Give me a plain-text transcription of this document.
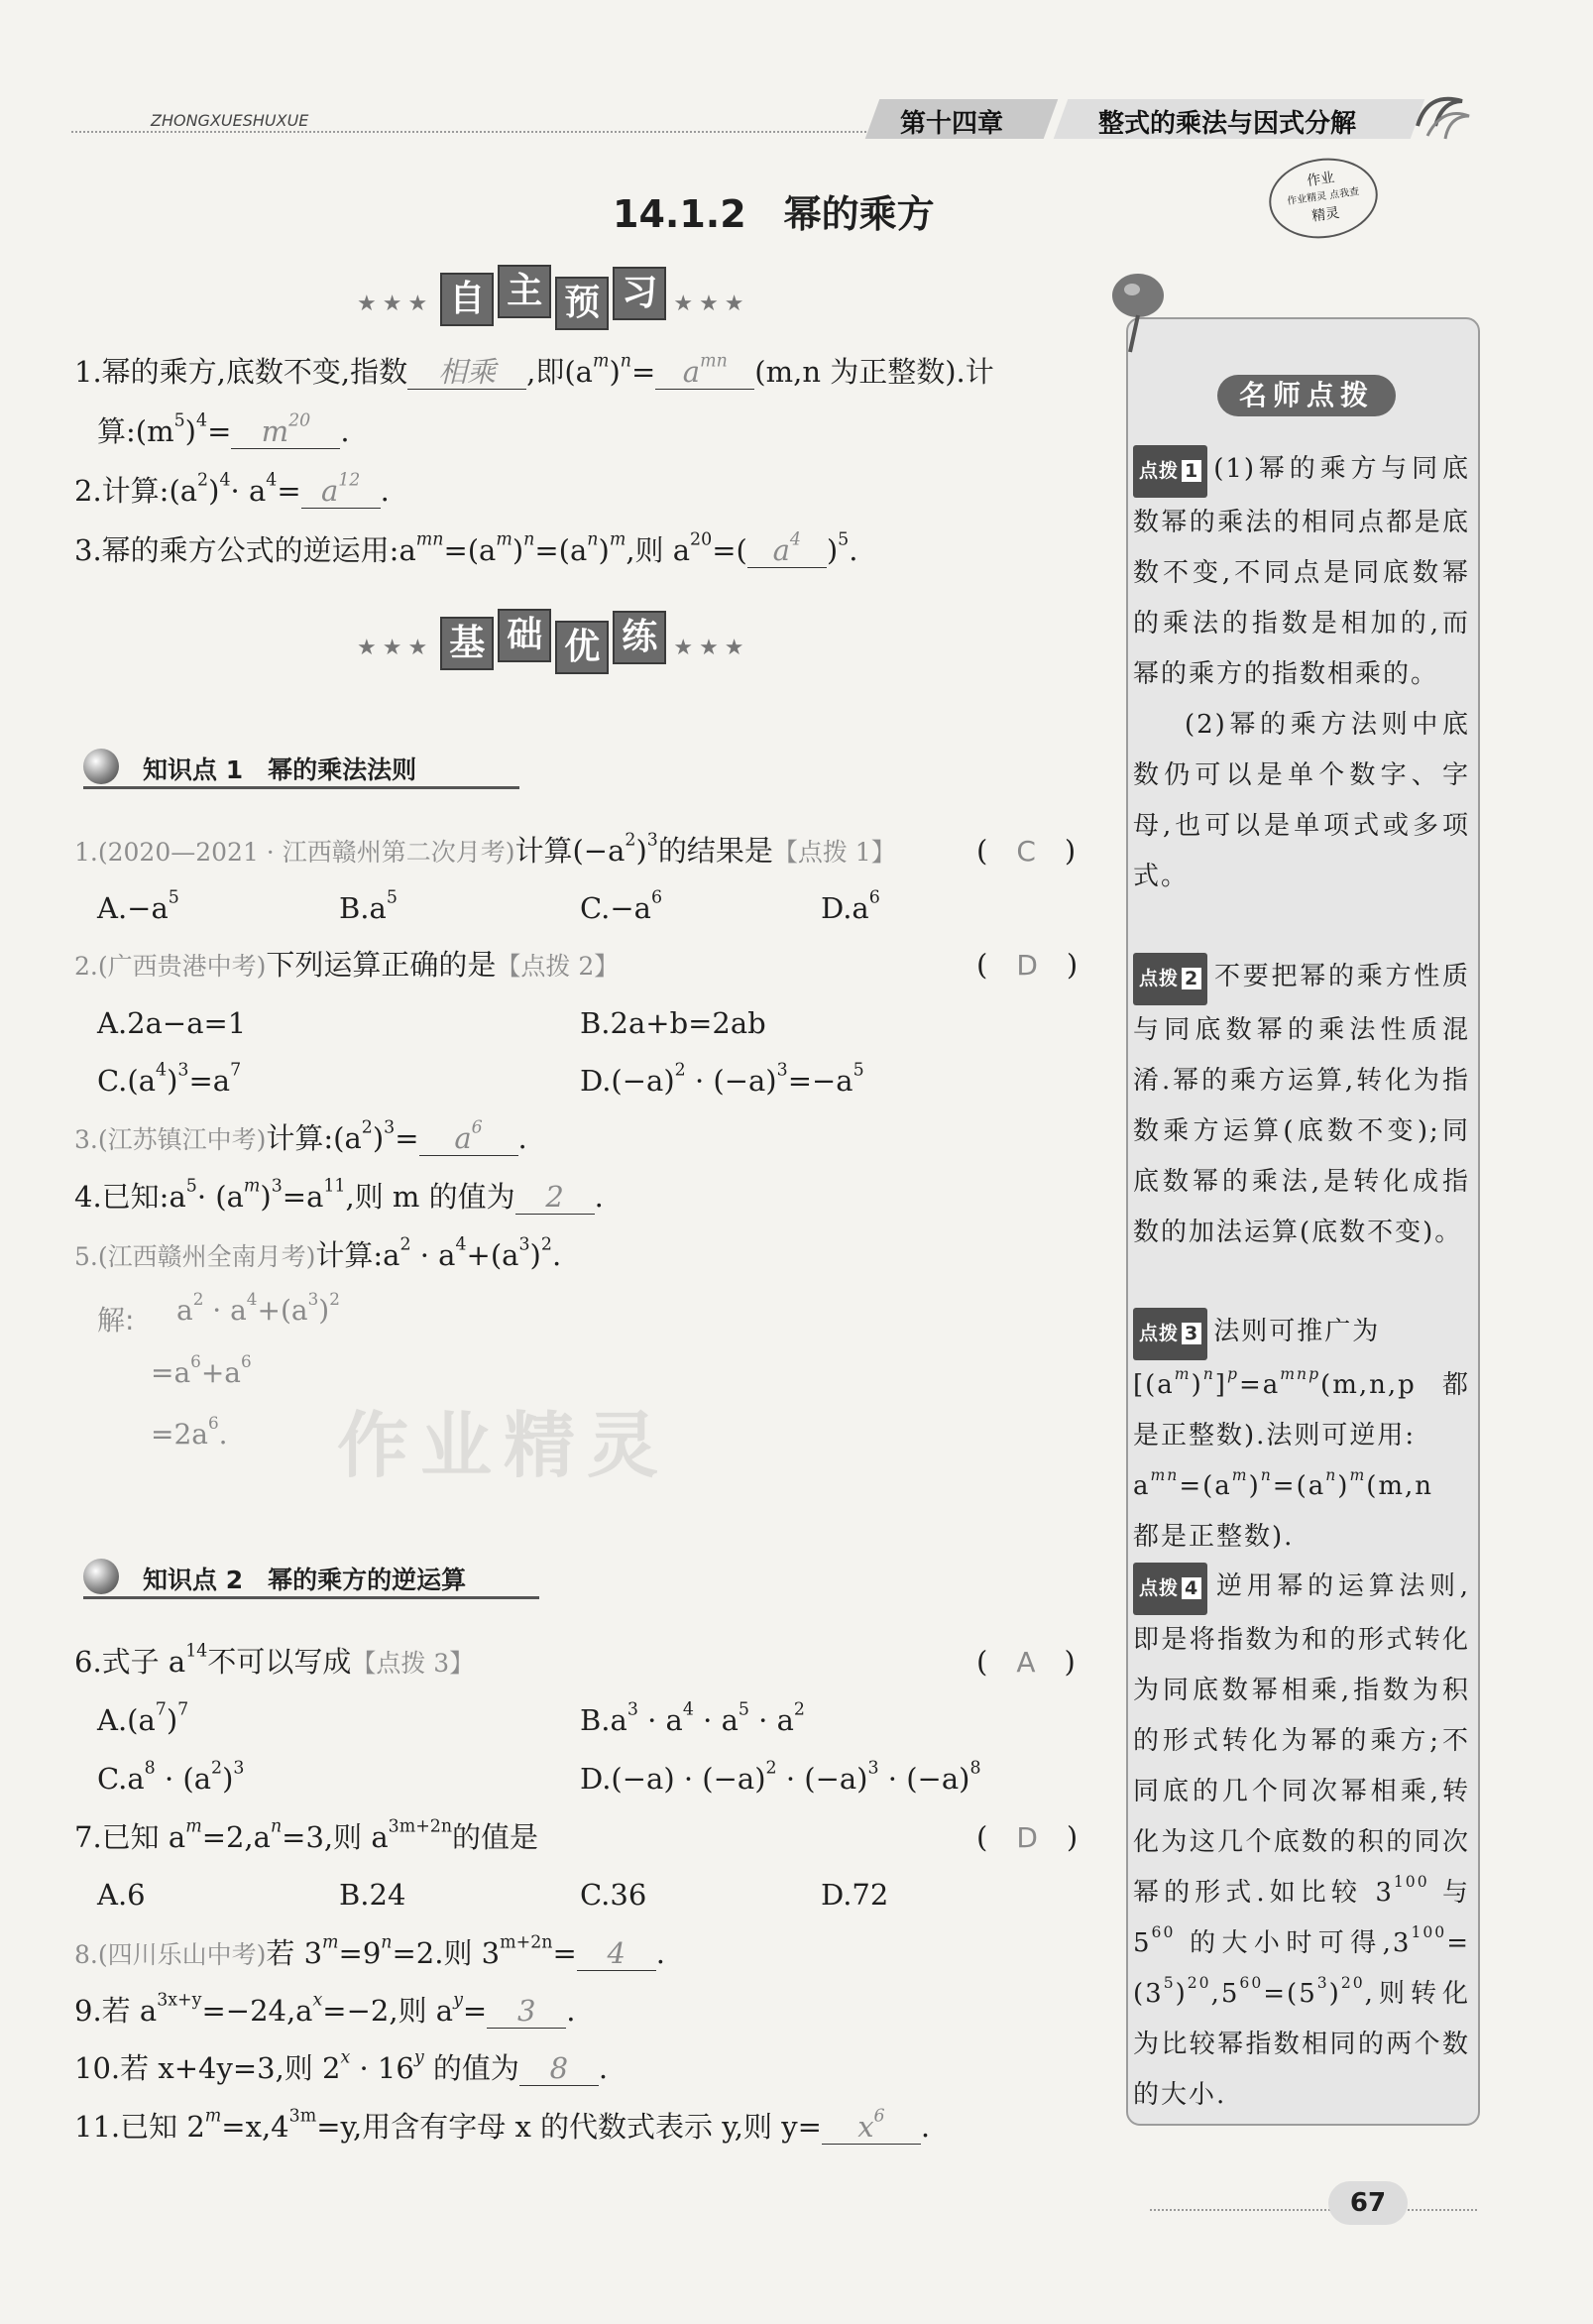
ZHONGXUESHUXUE	第十四章	整式的乘法与因式分解
作业
作业精灵 点我查
精灵
14.1.2　幂的乘方
★★★ 自 主 预 习 ★★★
1.幂的乘方,底数不变,指数 相乘 ,即$(a^m)^n= a^{mn}$ (m,n 为正整数).计
算$:(m^5)^4= m^{20}$ .
2.计算$:(a^2)^4\cdot a^4= a^{12}$ .
3.幂的乘方公式的逆运用$:a^{mn}=(a^m)^n=(a^n)^m$,则 $a^{20}=$( $a^4$ )$^5$.
★★★ 基 础 优 练 ★★★
知识点 1　幂的乘法法则
1.(2020—2021 · 江西赣州第二次月考)计算$(-a^2)^3$的结果是【点拨 1】	(　C　)
$A.-a^5$	$B.a^5$	$C.-a^6$	$D.a^6$
2.(广西贵港中考)下列运算正确的是【点拨 2】	(　D　)
A.2a−a=1	B.2a+b=2ab
$C.(a^4)^3=a^7$	$D.(-a)^2 \cdot (-a)^3=-a^5$
3.(江苏镇江中考)计算$:(a^2)^3= a^6$ .
4.已知$:a^5\cdot (a^m)^3=a^{11}$,则 m 的值为 2 .
5.(江西赣州全南月考)计算$:a^2 \cdot a^4+(a^3)^2$.
解: $a^2 \cdot a^4+(a^3)^2$
$=a^6+a^6$
$=2a^6$. 作业精灵
知识点 2　幂的乘方的逆运算
6.式子 $a^{14}$不可以写成【点拨 3】	(　A　)
$A.(a^7)^7$	$B.a^3 \cdot a^4 \cdot a^5 \cdot a^2$
$C.a^8 \cdot (a^2)^3$	$D.(-a) \cdot (-a)^2 \cdot (-a)^3 \cdot (-a)^8$
7.已知 $a^m=2,a^n=3$,则 $a^{3m+2n}$的值是	(　D　)
A.6	B.24	C.36	D.72
8.(四川乐山中考)若 $3^m=9^n=2$.则 $3^{m+2n}= 4$ .
9.若 $a^{3x+y}=-24,a^x=-2$,则 $a^y= 3$ .
10.若 x+4y=3,则 $2^x \cdot 16^y$ 的值为 8 .
11.已知 $2^m=x,4^{3m}=y$,用含有字母 x 的代数式表示 y,则 $y= x^6$ .
名师点拨
点拨 1 (1)幂的乘方与同底数幂的乘法的相同点都是底数不变,不同点是同底数幂的乘法的指数是相加的,而幂的乘方的指数相乘的。
(2)幂的乘方法则中底数仍可以是单个数字、字母,也可以是单项式或多项式。
点拨 2 不要把幂的乘方性质与同底数幂的乘法性质混淆.幂的乘方运算,转化为指数乘方运算(底数不变);同底数幂的乘法,是转化成指数的加法运算(底数不变)。
点拨 3 法则可推广为
$[(a^m)^n]^p=a^{mnp}(m,n,p$ 都是正整数).法则可逆用:
$a^{mn}=(a^m)^n=(a^n)^m(m,n$ 都是正整数).
点拨 4 逆用幂的运算法则,即是将指数为和的形式转化为同底数幂相乘,指数为积的形式转化为幂的乘方;不同底的几个同次幂相乘,转化为这几个底数的积的同次幂的形式.如比较 $3^{100}$ 与 $5^{60}$ 的大小时可得$,3^{100}=(3^5)^{20},5^{60}=(5^3)^{20}$,则转化为比较幂指数相同的两个数的大小.
67
